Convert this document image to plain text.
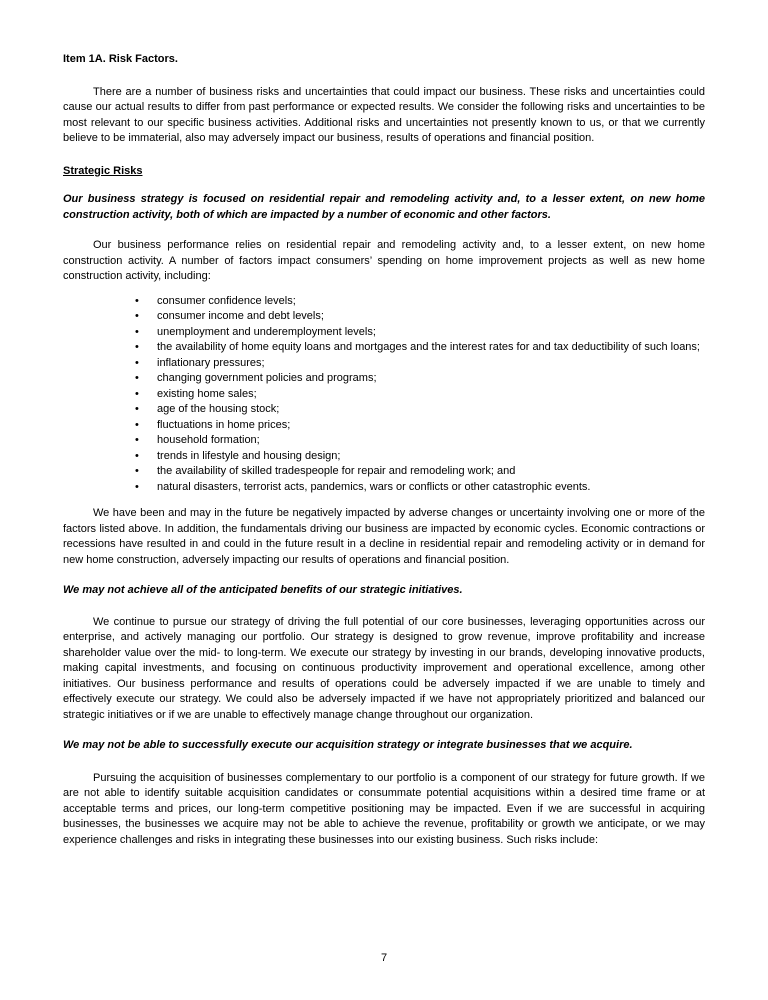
Item 1A. Risk Factors.

There are a number of business risks and uncertainties that could impact our business. These risks and uncertainties could cause our actual results to differ from past performance or expected results. We consider the following risks and uncertainties to be most relevant to our specific business activities. Additional risks and uncertainties not presently known to us, or that we currently believe to be immaterial, also may adversely impact our business, results of operations and financial position.

Strategic Risks
Our business strategy is focused on residential repair and remodeling activity and, to a lesser extent, on new home construction activity, both of which are impacted by a number of economic and other factors.

Our business performance relies on residential repair and remodeling activity and, to a lesser extent, on new home construction activity. A number of factors impact consumers’ spending on home improvement projects as well as new home construction activity, including:

• consumer confidence levels;
• consumer income and debt levels;
• unemployment and underemployment levels;
• the availability of home equity loans and mortgages and the interest rates for and tax deductibility of such loans;
• inflationary pressures;
• changing government policies and programs;
• existing home sales;
• age of the housing stock;
• fluctuations in home prices;
• household formation;
• trends in lifestyle and housing design;
• the availability of skilled tradespeople for repair and remodeling work; and
• natural disasters, terrorist acts, pandemics, wars or conflicts or other catastrophic events.

We have been and may in the future be negatively impacted by adverse changes or uncertainty involving one or more of the factors listed above. In addition, the fundamentals driving our business are impacted by economic cycles. Economic contractions or recessions have resulted in and could in the future result in a decline in residential repair and remodeling activity or in demand for new home construction, adversely impacting our results of operations and financial position.

We may not achieve all of the anticipated benefits of our strategic initiatives.

We continue to pursue our strategy of driving the full potential of our core businesses, leveraging opportunities across our enterprise, and actively managing our portfolio. Our strategy is designed to grow revenue, improve profitability and increase shareholder value over the mid- to long-term. We execute our strategy by investing in our brands, developing innovative products, making capital investments, and focusing on continuous productivity improvement and operational excellence, among other initiatives. Our business performance and results of operations could be adversely impacted if we are unable to timely and effectively execute our strategy. We could also be adversely impacted if we have not appropriately prioritized and balanced our strategic initiatives or if we are unable to effectively manage change throughout our organization.

We may not be able to successfully execute our acquisition strategy or integrate businesses that we acquire.

Pursuing the acquisition of businesses complementary to our portfolio is a component of our strategy for future growth. If we are not able to identify suitable acquisition candidates or consummate potential acquisitions within a desired time frame or at acceptable terms and prices, our long-term competitive positioning may be impacted. Even if we are successful in acquiring businesses, the businesses we acquire may not be able to achieve the revenue, profitability or growth we anticipate, or we may experience challenges and risks in integrating these businesses into our existing business. Such risks include:

7
